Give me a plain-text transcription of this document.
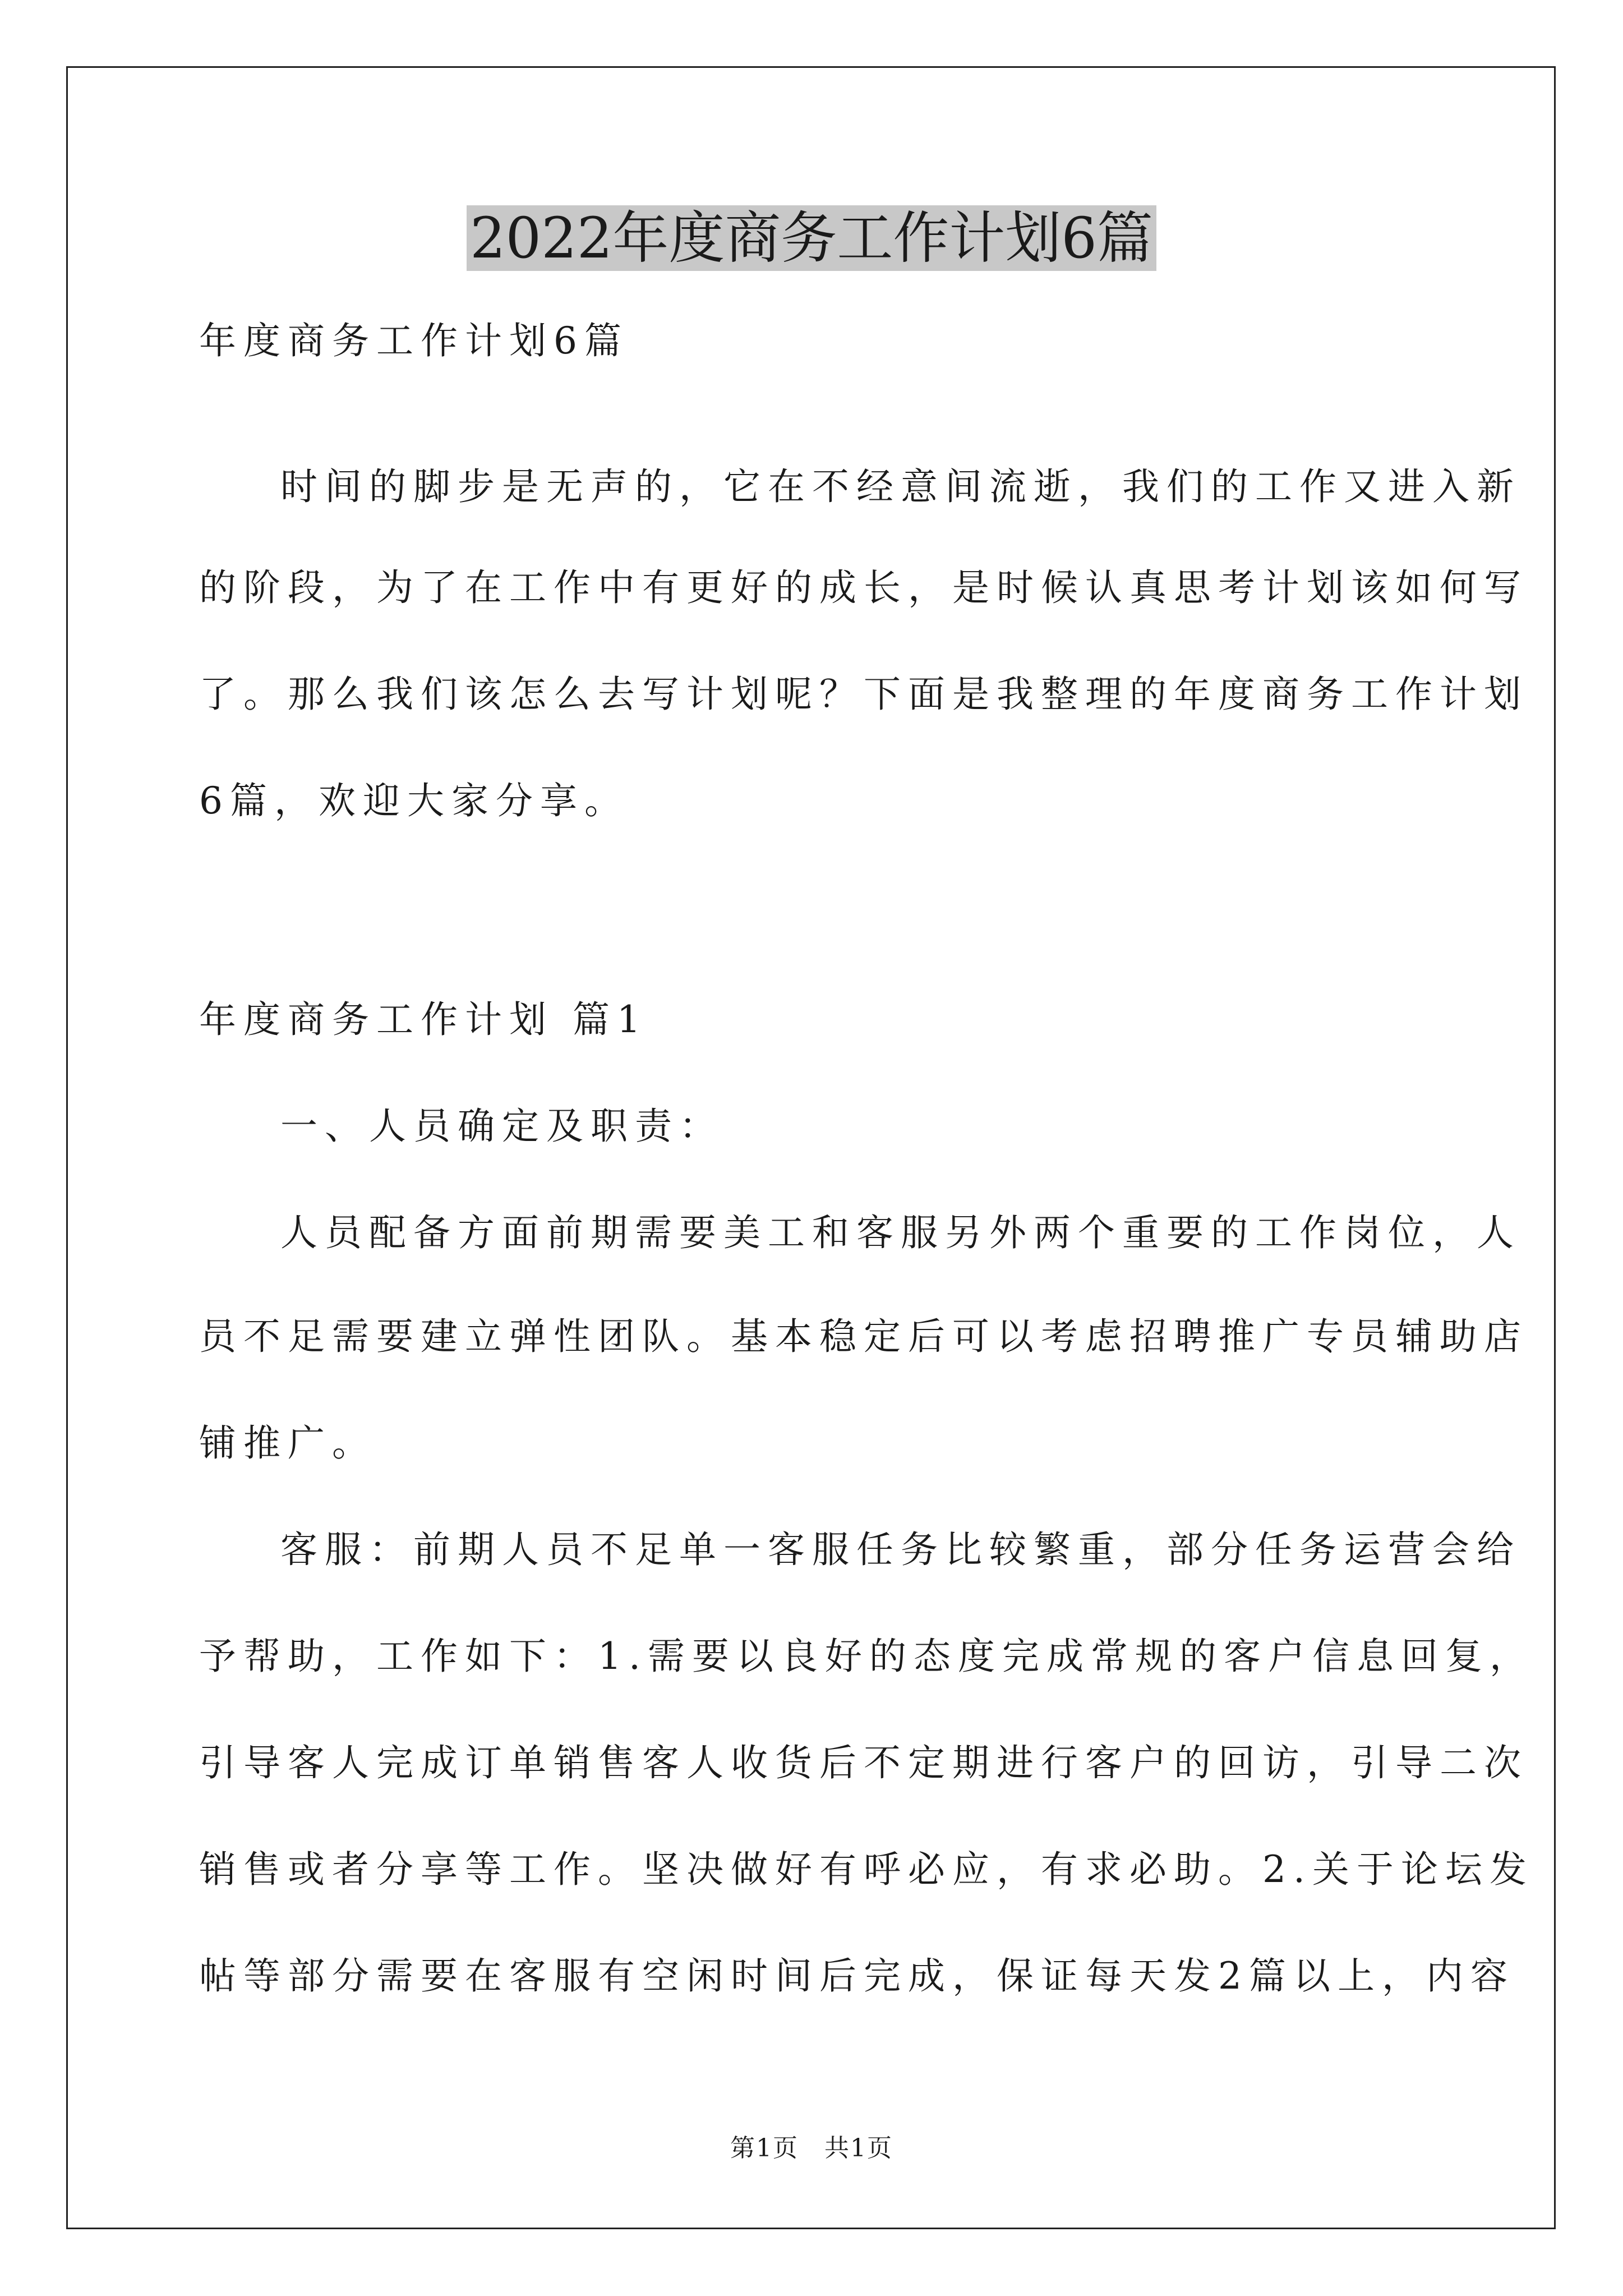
2022年度商务工作计划6篇
年度商务工作计划6篇
时间的脚步是无声的，它在不经意间流逝，我们的工作又进入新
的阶段，为了在工作中有更好的成长，是时候认真思考计划该如何写
了。那么我们该怎么去写计划呢？下面是我整理的年度商务工作计划
6篇，欢迎大家分享。
年度商务工作计划 篇1
一、人员确定及职责：
人员配备方面前期需要美工和客服另外两个重要的工作岗位，人
员不足需要建立弹性团队。基本稳定后可以考虑招聘推广专员辅助店
铺推广。
客服：前期人员不足单一客服任务比较繁重，部分任务运营会给
予帮助，工作如下：1.需要以良好的态度完成常规的客户信息回复，
引导客人完成订单销售客人收货后不定期进行客户的回访，引导二次
销售或者分享等工作。坚决做好有呼必应，有求必助。2.关于论坛发
帖等部分需要在客服有空闲时间后完成，保证每天发2篇以上，内容
第1页　共1页
